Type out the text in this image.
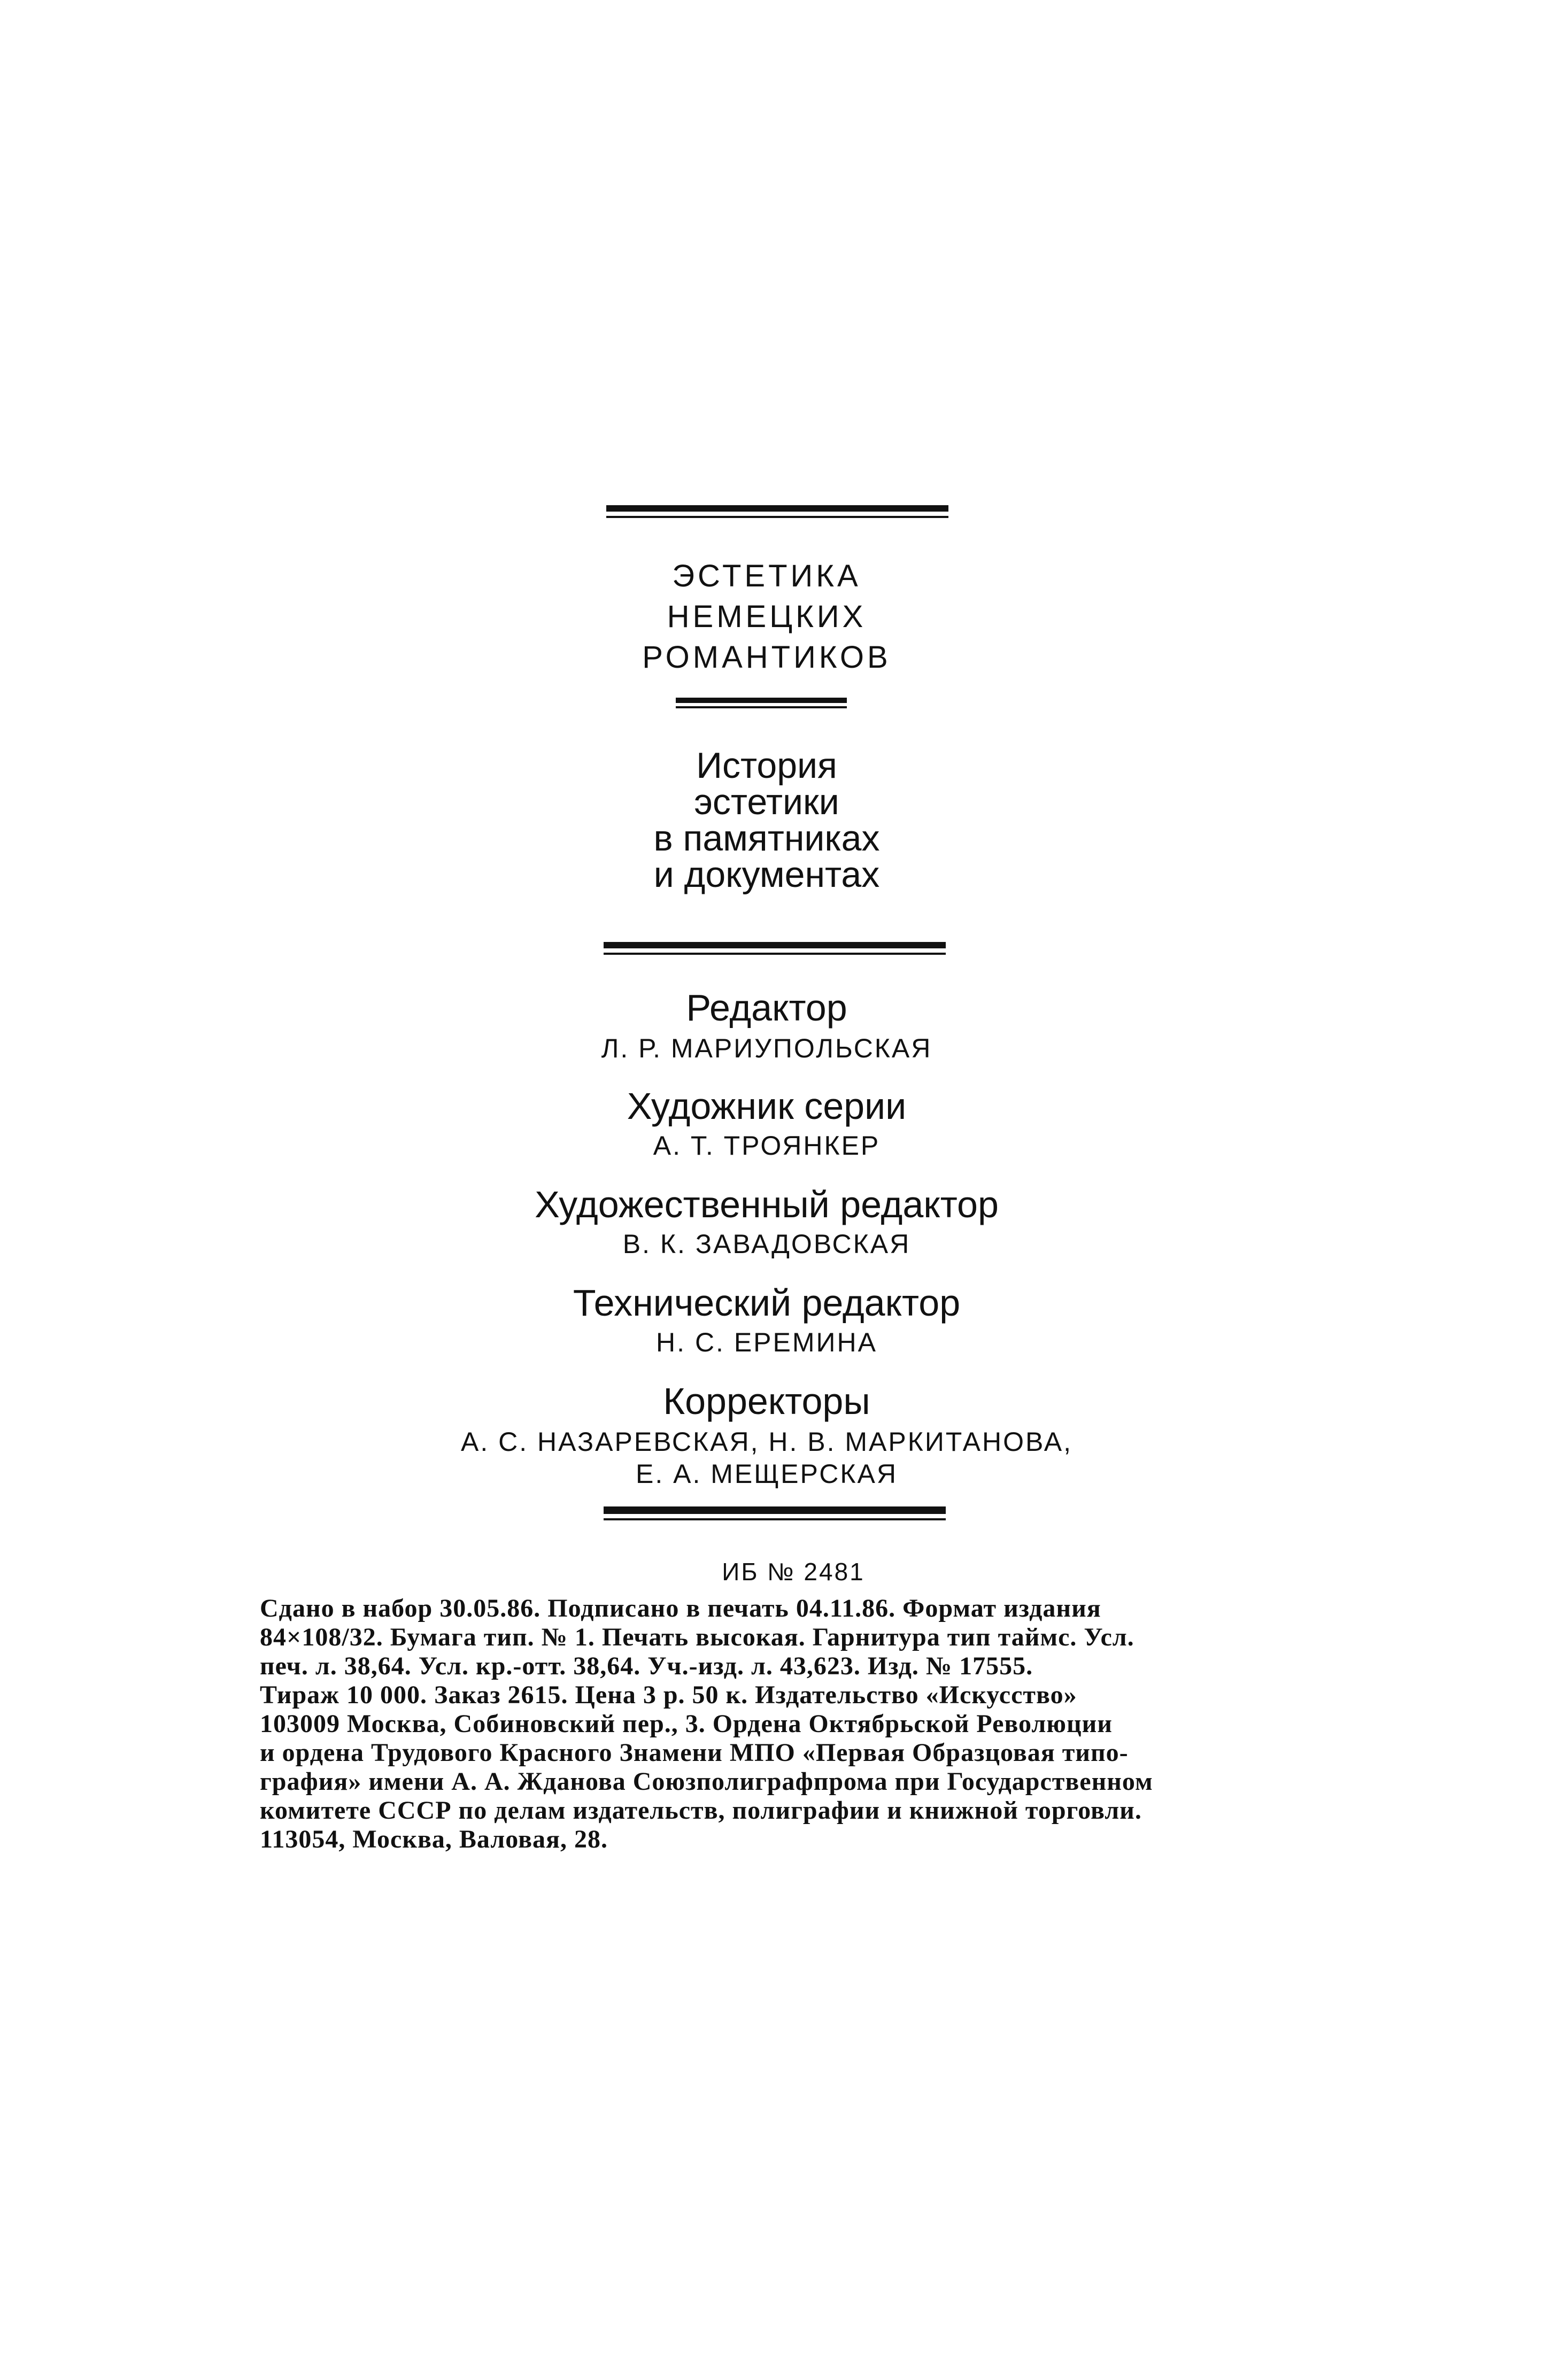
ЭСТЕТИКА
НЕМЕЦКИХ
РОМАНТИКОВ
История
эстетики
в памятниках
и документах
Редактор
Л. Р. МАРИУПОЛЬСКАЯ
Художник серии
А. Т. ТРОЯНКЕР
Художественный редактор
В. К. ЗАВАДОВСКАЯ
Технический редактор
Н. С. ЕРЕМИНА
Корректоры
А. С. НАЗАРЕВСКАЯ, Н. В. МАРКИТАНОВА,
Е. А. МЕЩЕРСКАЯ
ИБ № 2481
Сдано в набор 30.05.86. Подписано в печать 04.11.86. Формат издания
84×108/32. Бумага тип. № 1. Печать высокая. Гарнитура тип таймс. Усл.
печ. л. 38,64. Усл. кр.-отт. 38,64. Уч.-изд. л. 43,623. Изд. № 17555.
Тираж 10 000. Заказ 2615. Цена 3 р. 50 к. Издательство «Искусство»
103009 Москва, Собиновский пер., 3. Ордена Октябрьской Революции
и ордена Трудового Красного Знамени МПО «Первая Образцовая типо-
графия» имени А. А. Жданова Союзполиграфпрома при Государственном
комитете СССР по делам издательств, полиграфии и книжной торговли.
113054, Москва, Валовая, 28.
